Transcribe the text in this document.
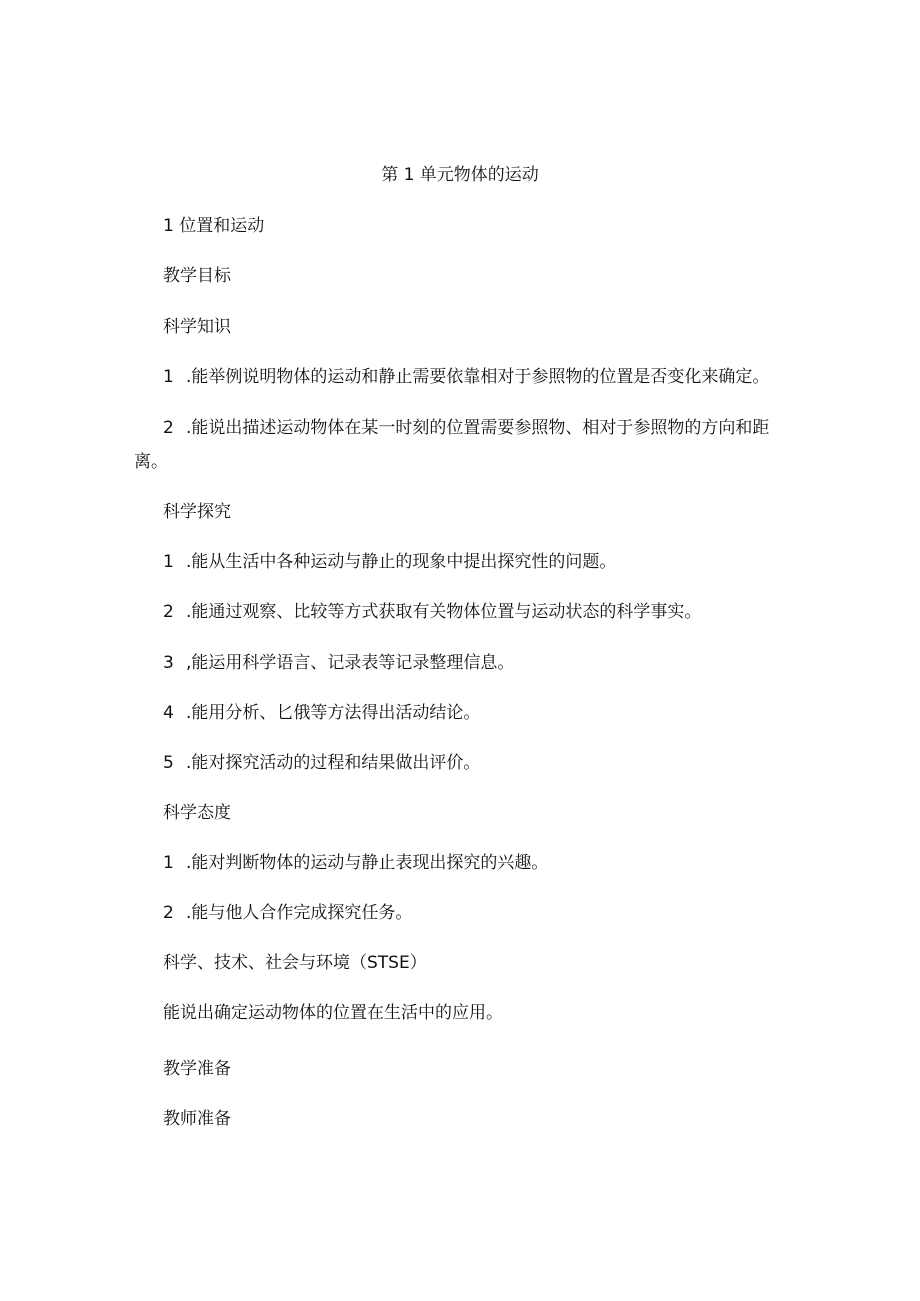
第 1 单元物体的运动
1 位置和运动
教学目标
科学知识
1 .能举例说明物体的运动和静止需要依靠相对于参照物的位置是否变化来确定。
2 .能说出描述运动物体在某一时刻的位置需要参照物、相对于参照物的方向和距
离。
科学探究
1 .能从生活中各种运动与静止的现象中提出探究性的问题。
2 .能通过观察、比较等方式获取有关物体位置与运动状态的科学事实。
3 ,能运用科学语言、记录表等记录整理信息。
4 .能用分析、匕俄等方法得出活动结论。
5 .能对探究活动的过程和结果做出评价。
科学态度
1 .能对判断物体的运动与静止表现出探究的兴趣。
2 .能与他人合作完成探究任务。
科学、技术、社会与环境（STSE）
能说出确定运动物体的位置在生活中的应用。
教学准备
教师准备
